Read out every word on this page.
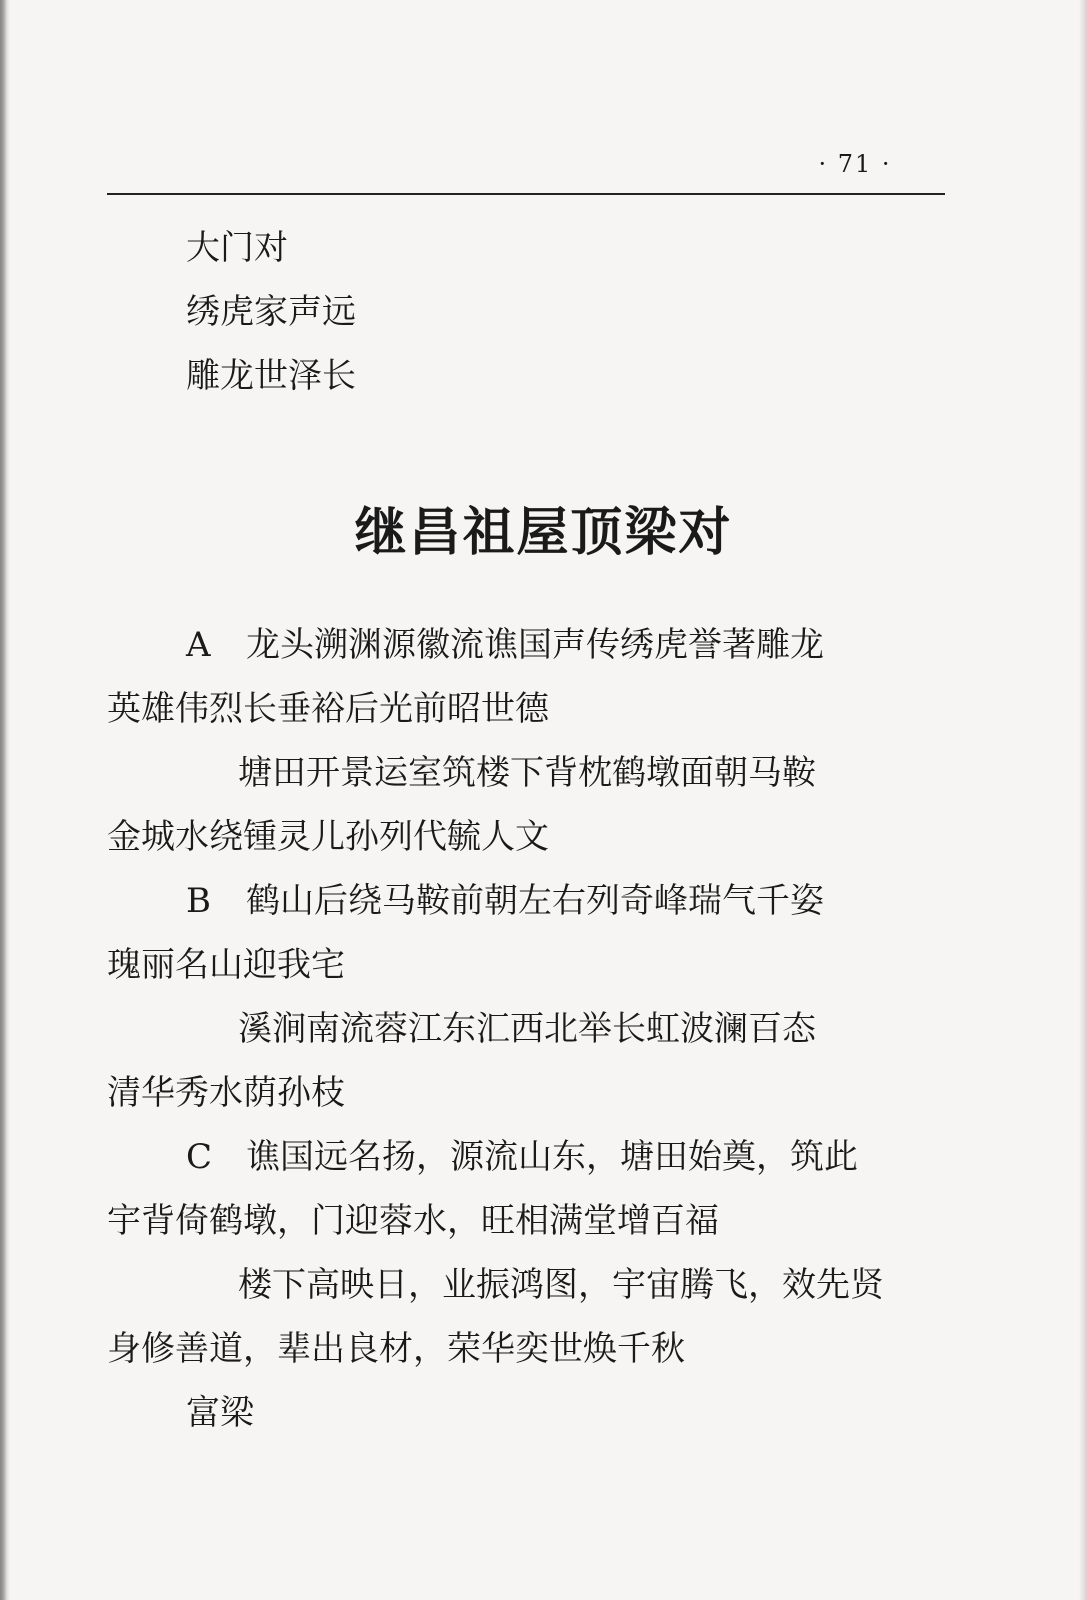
· 71 ·
大门对
绣虎家声远
雕龙世泽长
继昌祖屋顶梁对
A 龙头溯渊源徽流谯国声传绣虎誉著雕龙
英雄伟烈长垂裕后光前昭世德
塘田开景运室筑楼下背枕鹤墩面朝马鞍
金城水绕锺灵儿孙列代毓人文
B 鹤山后绕马鞍前朝左右列奇峰瑞气千姿
瑰丽名山迎我宅
溪涧南流蓉江东汇西北举长虹波澜百态
清华秀水荫孙枝
C 谯国远名扬，源流山东，塘田始奠，筑此
宇背倚鹤墩，门迎蓉水，旺相满堂增百福
楼下高映日，业振鸿图，宇宙腾飞，效先贤
身修善道，辈出良材，荣华奕世焕千秋
富梁
